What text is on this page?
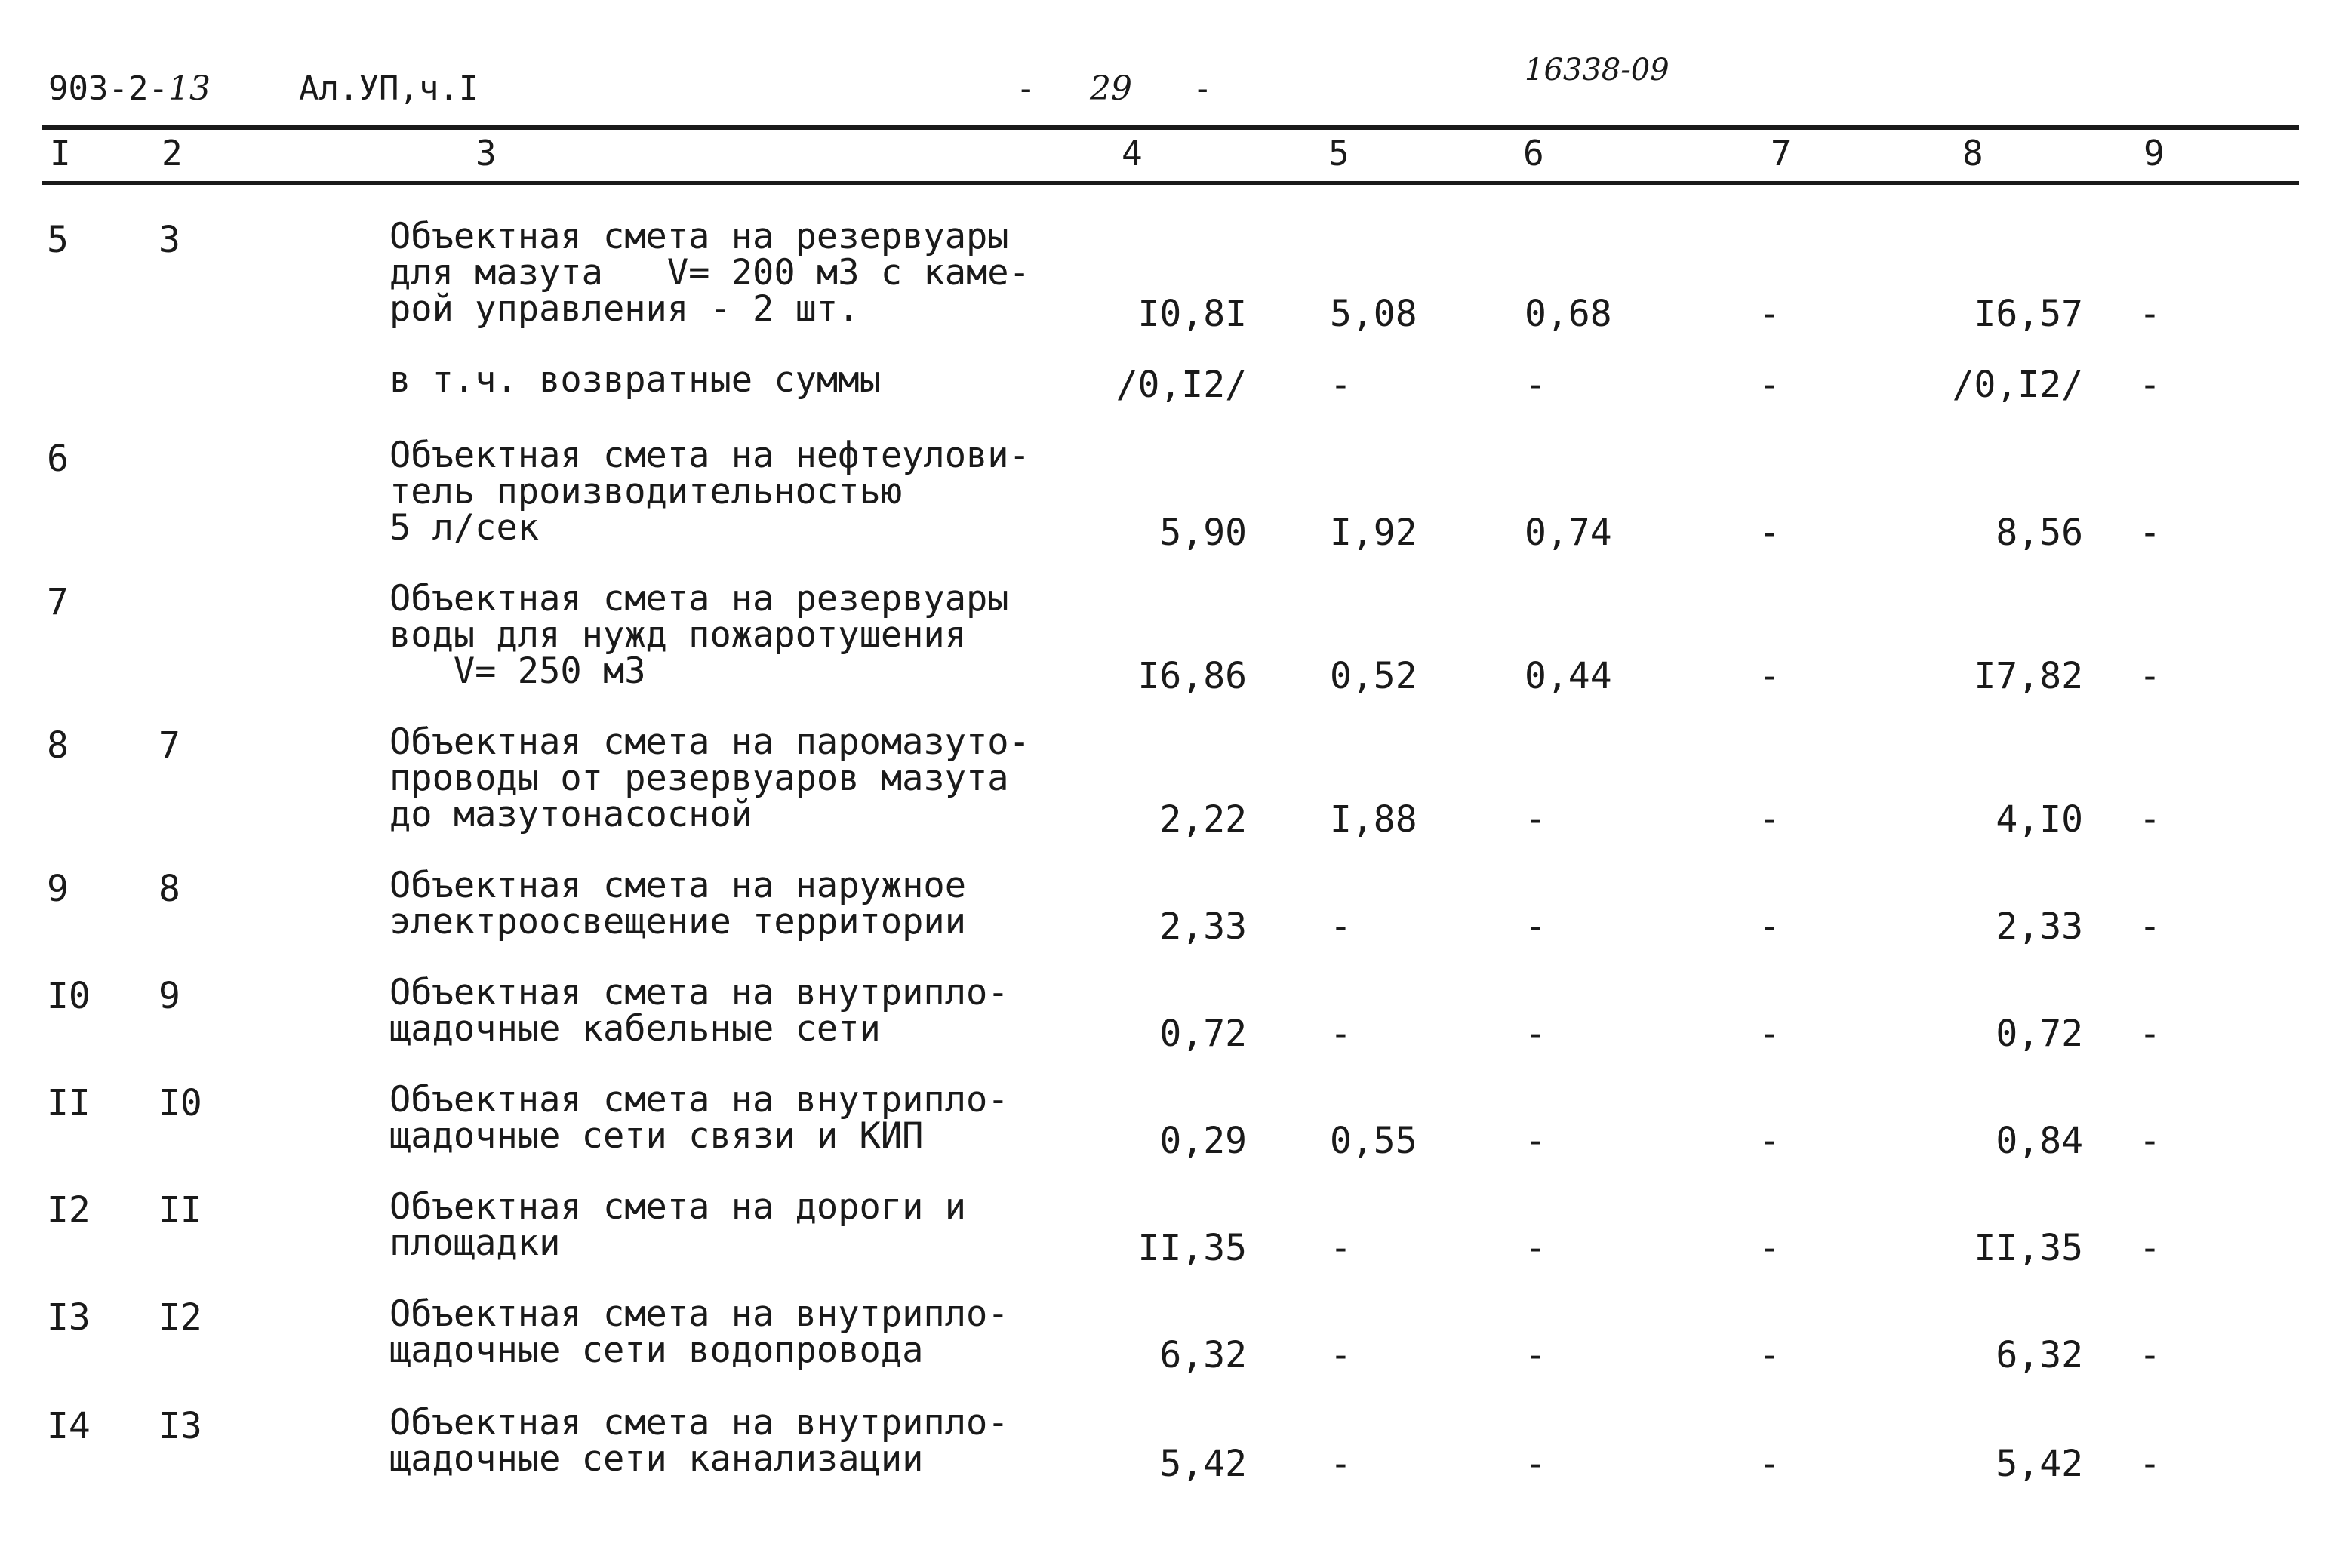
903-2-13	Ал.УП,ч.I	- 29 -	16338-09
I	2	3	4	5	6	7	8	9
5 3	Объектная смета на резервуары
для мазута   V= 200 м3 с каме-
рой управления - 2 шт.	I0,8I 5,08	0,68	-	I6,57 -
в т.ч. возвратные суммы	/0,I2/ -	-	-	/0,I2/ -
6	Объектная смета на нефтеулови-
тель производительностью
5 л/сек	5,90 I,92	0,74	-	8,56 -
7	Объектная смета на резервуары
воды для нужд пожаротушения
V= 250 м3	I6,86 0,52	0,44	-	I7,82 -
8 7	Объектная смета на паромазуто-
проводы от резервуаров мазута
до мазутонасосной	2,22 I,88	-	-	4,I0 -
9 8	Объектная смета на наружное
электроосвещение территории	2,33 -	-	-	2,33 -
I0 9	Объектная смета на внутрипло-
щадочные кабельные сети	0,72 -	-	-	0,72 -
II I0	Объектная смета на внутрипло-
щадочные сети связи и КИП	0,29 0,55	-	-	0,84 -
I2 II	Объектная смета на дороги и
площадки	II,35 -	-	-	II,35 -
I3 I2	Объектная смета на внутрипло-
щадочные сети водопровода	6,32 -	-	-	6,32 -
I4 I3	Объектная смета на внутрипло-
щадочные сети канализации	5,42 -	-	-	5,42 -
